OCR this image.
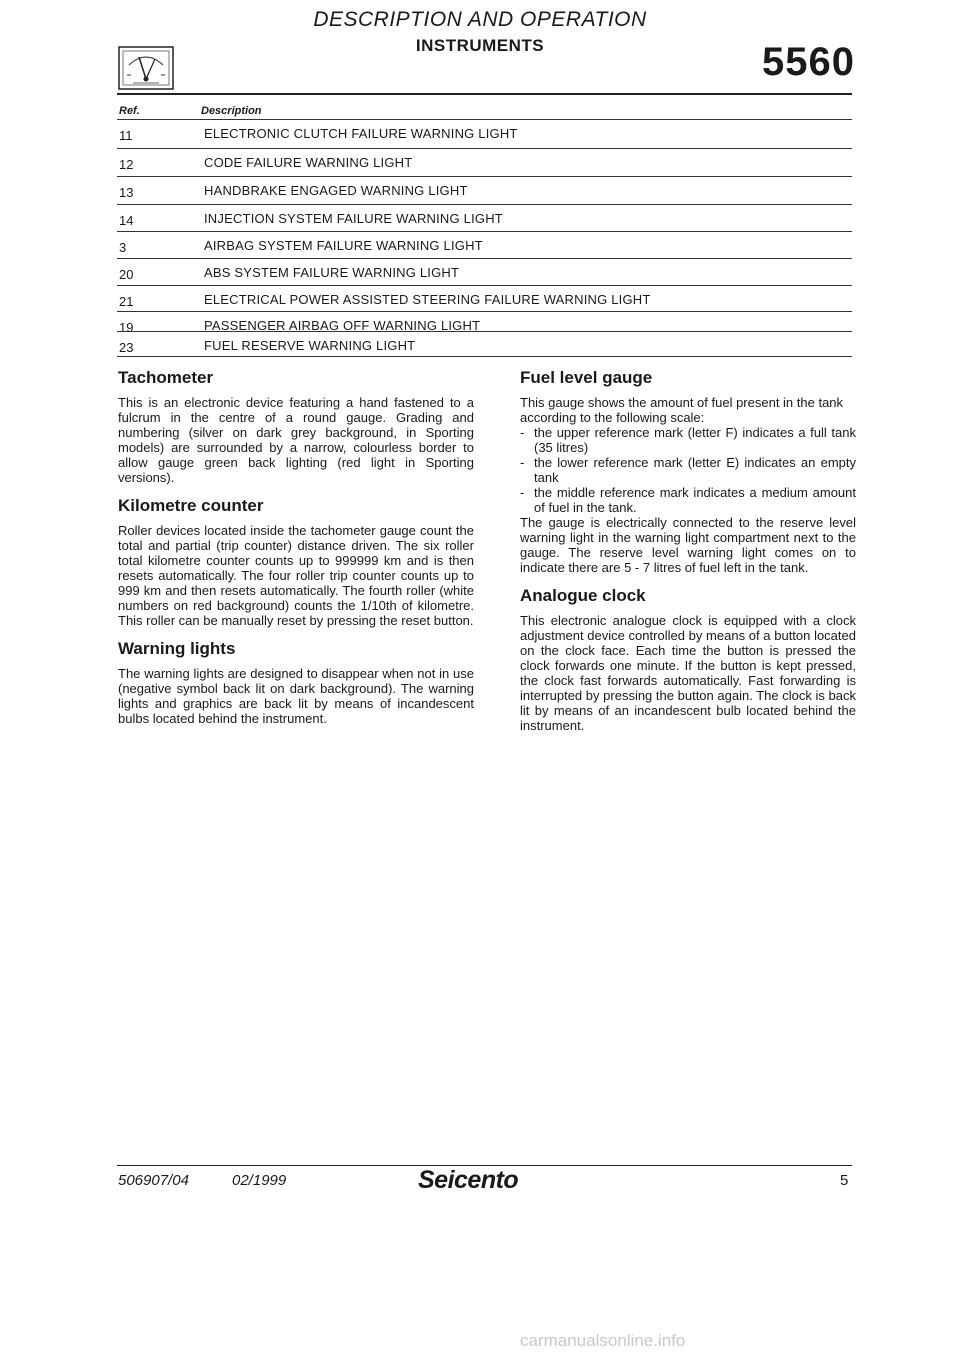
DESCRIPTION AND OPERATION
INSTRUMENTS	5560
Ref.	Description
11	ELECTRONIC CLUTCH FAILURE WARNING LIGHT
12	CODE FAILURE WARNING LIGHT
13	HANDBRAKE ENGAGED WARNING LIGHT
14	INJECTION SYSTEM FAILURE WARNING LIGHT
3	AIRBAG SYSTEM FAILURE WARNING LIGHT
20	ABS SYSTEM FAILURE WARNING LIGHT
21	ELECTRICAL POWER ASSISTED STEERING FAILURE WARNING LIGHT
19	PASSENGER AIRBAG OFF WARNING LIGHT
23	FUEL RESERVE WARNING LIGHT
Tachometer

This is an electronic device featuring a hand fastened to a fulcrum in the centre of a round gauge. Grading and numbering (silver on dark grey background, in Sporting models) are surrounded by a narrow, colourless border to allow gauge green back lighting (red light in Sporting versions).

Kilometre counter

Roller devices located inside the tachometer gauge count the total and partial (trip counter) distance driven. The six roller total kilometre counter counts up to 999999 km and is then resets automatically. The four roller trip counter counts up to 999 km and then resets automatically. The fourth roller (white numbers on red background) counts the 1/10th of kilometre. This roller can be manually reset by pressing the reset button.

Warning lights

The warning lights are designed to disappear when not in use (negative symbol back lit on dark background). The warning lights and graphics are back lit by means of incandescent bulbs located behind the instrument.

Fuel level gauge
This gauge shows the amount of fuel present in the tank according to the following scale:
- the upper reference mark (letter F) indicates a full tank (35 litres)
- the lower reference mark (letter E) indicates an empty tank
- the middle reference mark indicates a medium amount of fuel in the tank.

The gauge is electrically connected to the reserve level warning light in the warning light compartment next to the gauge. The reserve level warning light comes on to indicate there are 5 - 7 litres of fuel left in the tank.

Analogue clock

This electronic analogue clock is equipped with a clock adjustment device controlled by means of a button located on the clock face. Each time the button is pressed the clock forwards one minute. If the button is kept pressed, the clock fast forwards automatically. Fast forwarding is interrupted by pressing the button again. The clock is back lit by means of an incandescent bulb located behind the instrument.

506907/04	02/1999	Seicento	5
carmanualsonline.info
